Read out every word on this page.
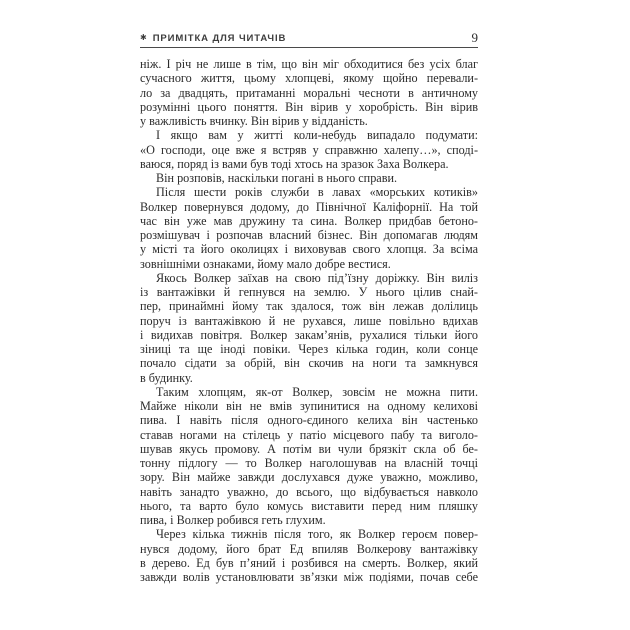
✱ ПРИМІТКА ДЛЯ ЧИТАЧІВ	9

ніж. І річ не лише в тім, що він міг обходитися без усіх благ
сучасного життя, цьому хлопцеві, якому щойно перевали-
ло за двадцять, притаманні моральні чесноти в античному
розумінні цього поняття. Він вірив у хоробрість. Він вірив
у важливість вчинку. Він вірив у відданість.

І якщо вам у житті коли-небудь випадало подумати:
«О господи, оце вже я встряв у справжню халепу…», споді-
ваюся, поряд із вами був тоді хтось на зразок Заха Волкера.

Він розповів, наскільки погані в нього справи.

Після шести років служби в лавах «морських котиків»
Волкер повернувся додому, до Північної Каліфорнії. На той
час він уже мав дружину та сина. Волкер придбав бетоно-
розмішувач і розпочав власний бізнес. Він допомагав людям
у місті та його околицях і виховував свого хлопця. За всіма
зовнішніми ознаками, йому мало добре вестися.

Якось Волкер заїхав на свою під’їзну доріжку. Він виліз
із вантажівки й гепнувся на землю. У нього цілив снай-
пер, принаймні йому так здалося, тож він лежав долілиць
поруч із вантажівкою й не рухався, лише повільно вдихав
і видихав повітря. Волкер закам’янів, рухалися тільки його
зіниці та ще іноді повіки. Через кілька годин, коли сонце
почало сідати за обрій, він скочив на ноги та замкнувся
в будинку.

Таким хлопцям, як-от Волкер, зовсім не можна пити.
Майже ніколи він не вмів зупинитися на одному келихові
пива. І навіть після одного-єдиного келиха він частенько
ставав ногами на стілець у патіо місцевого пабу та виголо-
шував якусь промову. А потім ви чули брязкіт скла об бе-
тонну підлогу — то Волкер наголошував на власній точці
зору. Він майже завжди дослухався дуже уважно, можливо,
навіть занадто уважно, до всього, що відбувається навколо
нього, та варто було комусь виставити перед ним пляшку
пива, і Волкер робився геть глухим.

Через кілька тижнів після того, як Волкер героєм повер-
нувся додому, його брат Ед впиляв Волкерову вантажівку
в дерево. Ед був п’яний і розбився на смерть. Волкер, який
завжди волів установлювати зв’язки між подіями, почав себе
